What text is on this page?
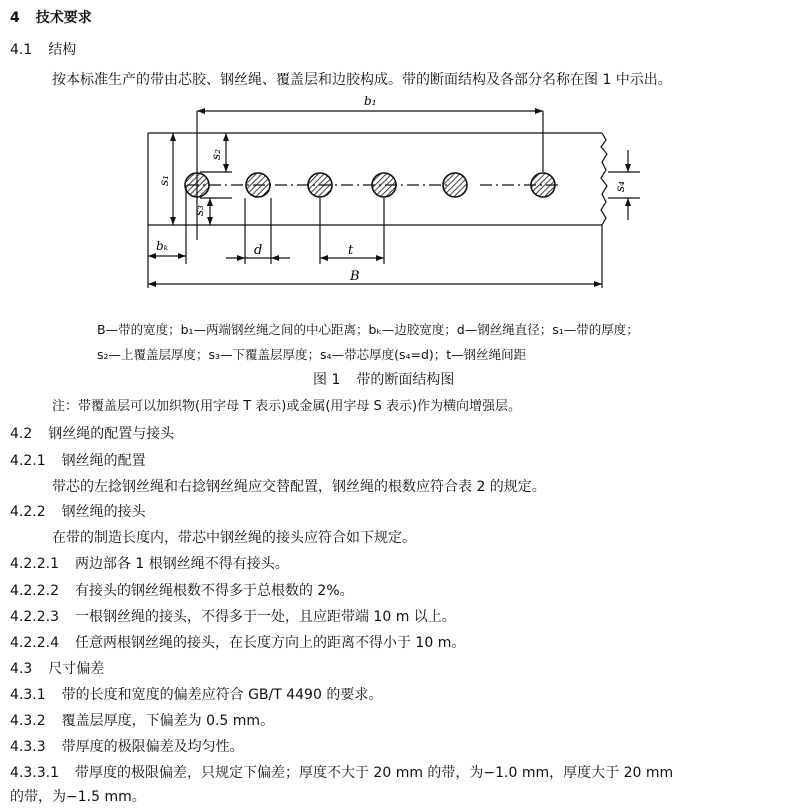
4 技术要求
4.1 结构
按本标准生产的带由芯胶、钢丝绳、覆盖层和边胶构成。带的断面结构及各部分名称在图 1 中示出。
b₁
s₂
s₁
s₃
s₄
bₖ	d	t
B
B—带的宽度；b₁—两端钢丝绳之间的中心距离；bₖ—边胶宽度；d—钢丝绳直径；s₁—带的厚度；
s₂—上覆盖层厚度；s₃—下覆盖层厚度；s₄—带芯厚度(s₄=d)；t—钢丝绳间距
图 1 带的断面结构图
注：带覆盖层可以加织物(用字母 T 表示)或金属(用字母 S 表示)作为横向增强层。
4.2 钢丝绳的配置与接头
4.2.1 钢丝绳的配置
带芯的左捻钢丝绳和右捻钢丝绳应交替配置，钢丝绳的根数应符合表 2 的规定。
4.2.2 钢丝绳的接头
在带的制造长度内，带芯中钢丝绳的接头应符合如下规定。
4.2.2.1 两边部各 1 根钢丝绳不得有接头。
4.2.2.2 有接头的钢丝绳根数不得多于总根数的 2%。
4.2.2.3 一根钢丝绳的接头，不得多于一处，且应距带端 10 m 以上。
4.2.2.4 任意两根钢丝绳的接头，在长度方向上的距离不得小于 10 m。
4.3 尺寸偏差
4.3.1 带的长度和宽度的偏差应符合 GB/T 4490 的要求。
4.3.2 覆盖层厚度，下偏差为 0.5 mm。
4.3.3 带厚度的极限偏差及均匀性。
4.3.3.1 带厚度的极限偏差，只规定下偏差；厚度不大于 20 mm 的带，为−1.0 mm，厚度大于 20 mm
的带，为−1.5 mm。
